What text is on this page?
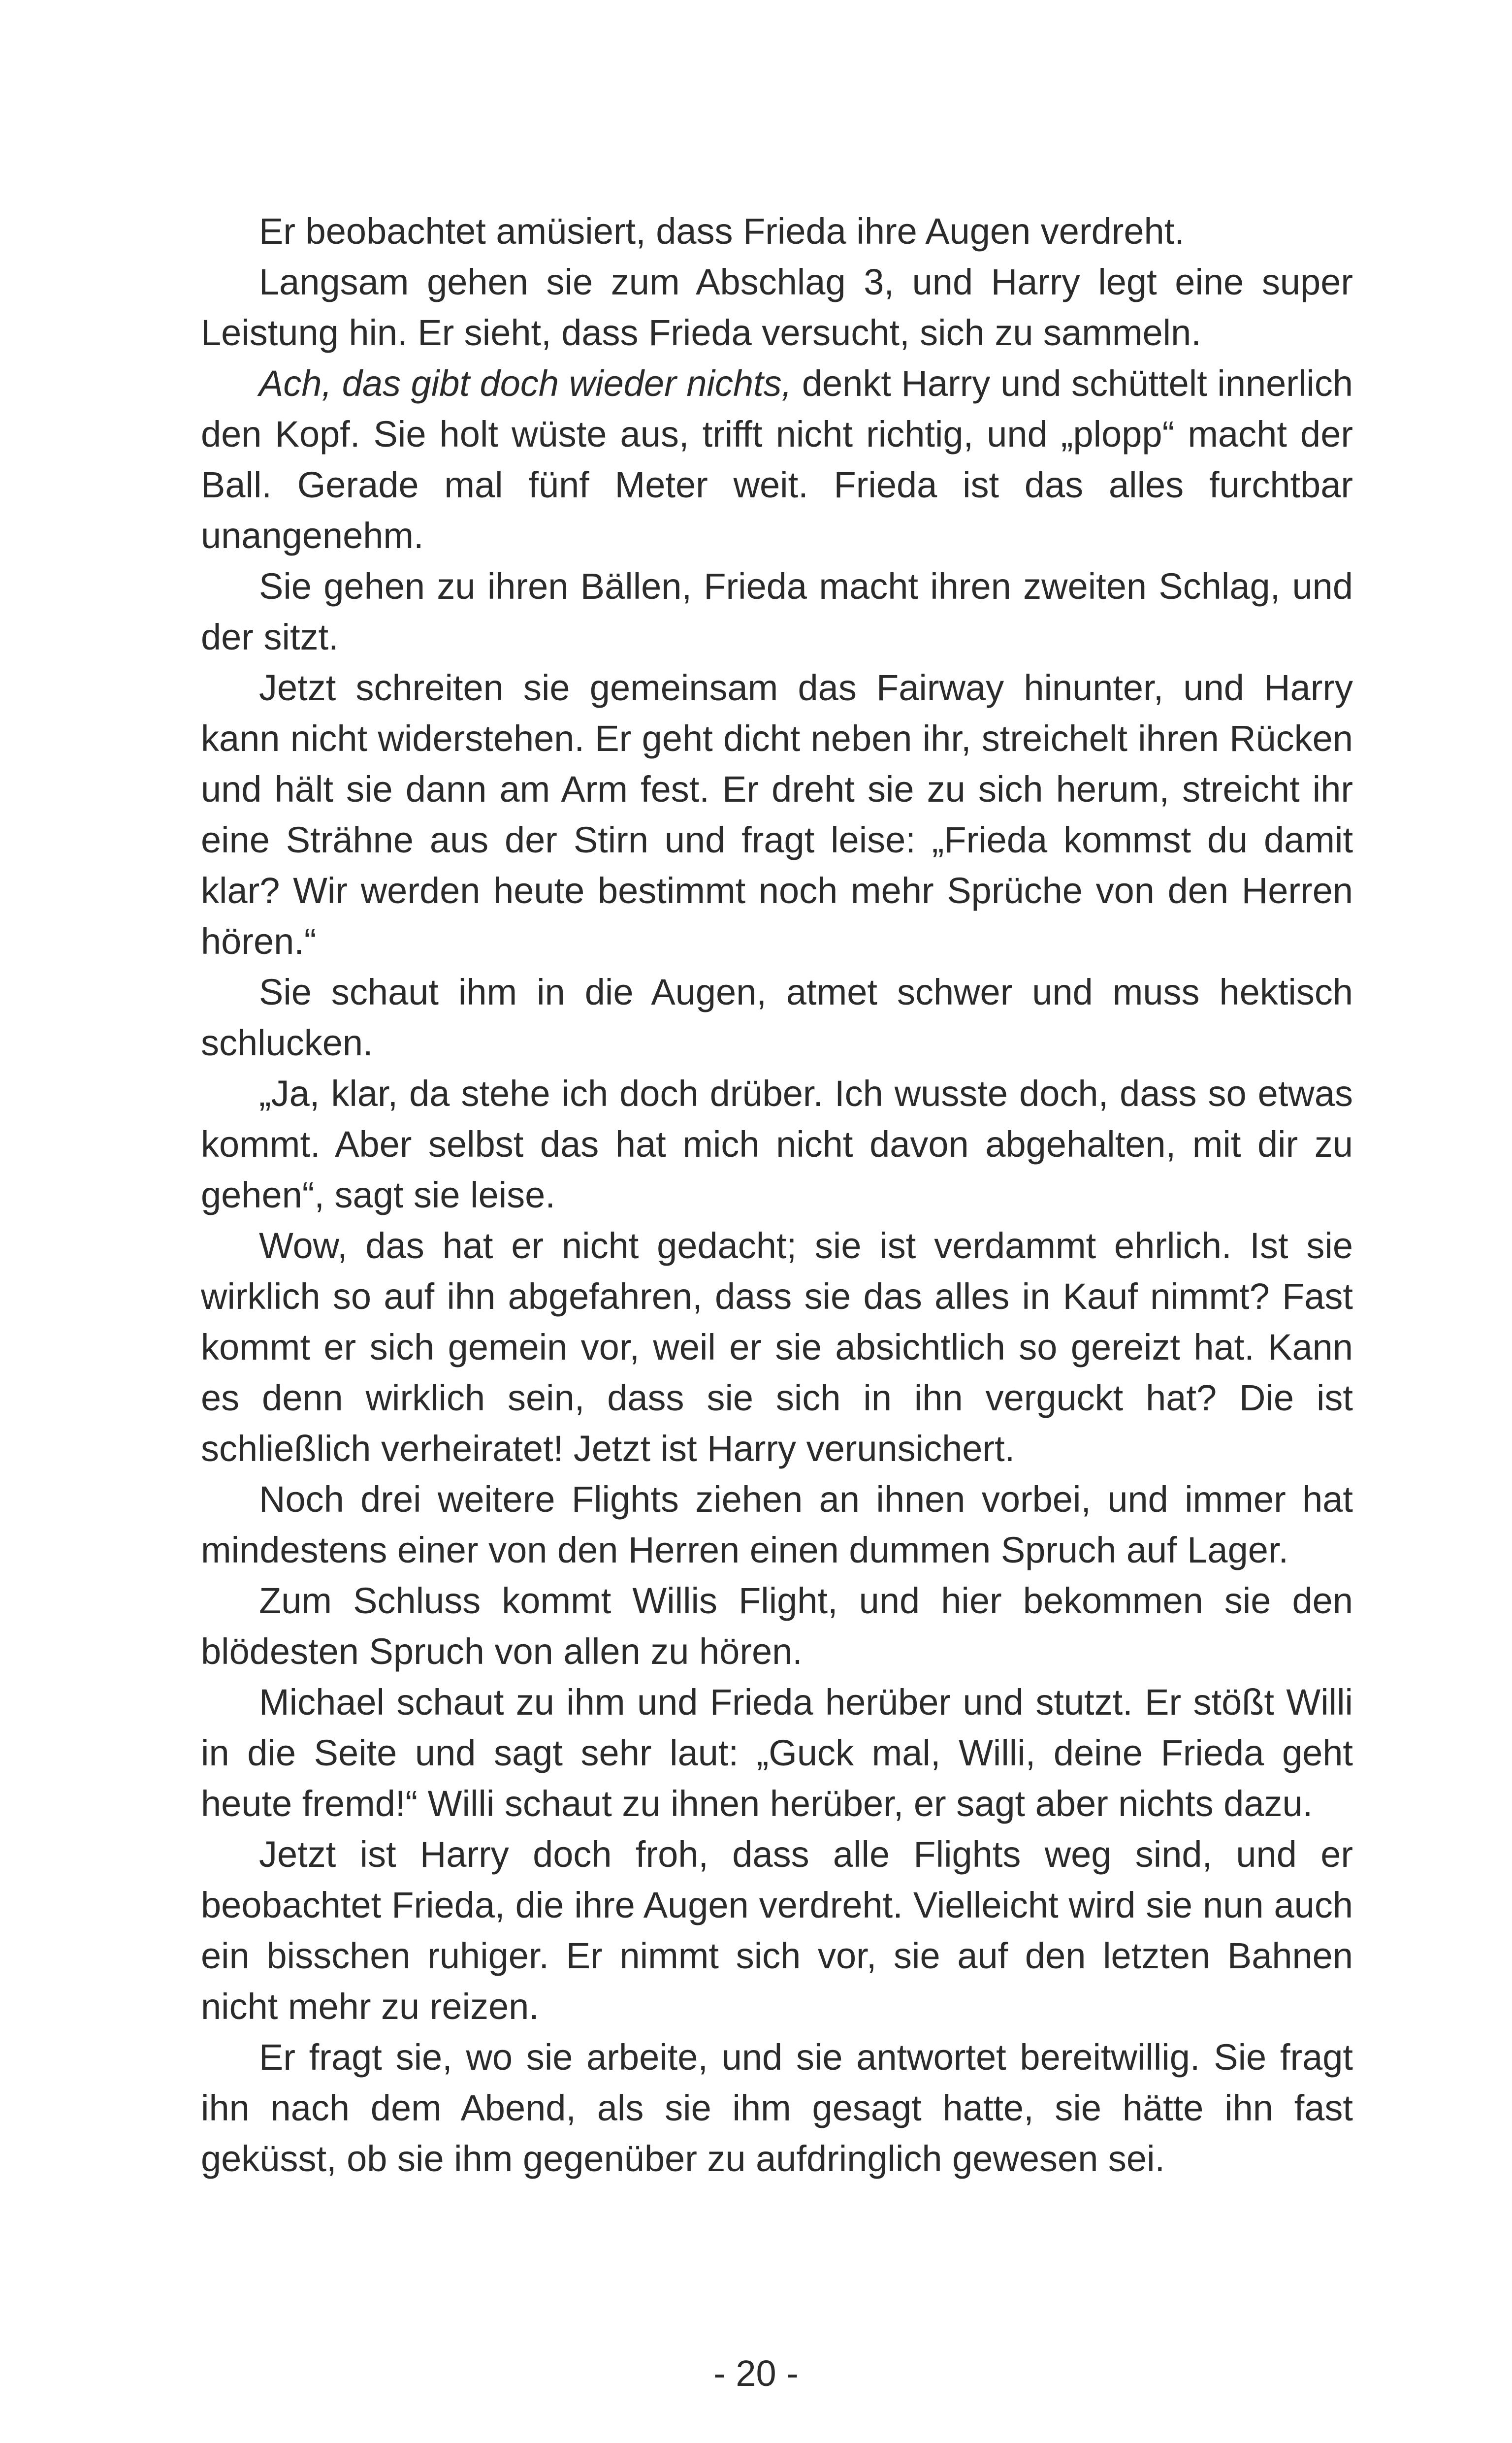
Er beobachtet amüsiert, dass Frieda ihre Augen verdreht.

Langsam gehen sie zum Abschlag 3, und Harry legt eine super Leistung hin. Er sieht, dass Frieda versucht, sich zu sammeln.

Ach, das gibt doch wieder nichts, denkt Harry und schüttelt innerlich den Kopf. Sie holt wüste aus, trifft nicht richtig, und „plopp“ macht der Ball. Gerade mal fünf Meter weit. Frieda ist das alles furchtbar unangenehm.

Sie gehen zu ihren Bällen, Frieda macht ihren zweiten Schlag, und der sitzt.

Jetzt schreiten sie gemeinsam das Fairway hinunter, und Harry kann nicht widerstehen. Er geht dicht neben ihr, streichelt ihren Rücken und hält sie dann am Arm fest. Er dreht sie zu sich herum, streicht ihr eine Strähne aus der Stirn und fragt leise: „Frieda kommst du damit klar? Wir werden heute bestimmt noch mehr Sprüche von den Herren hören.“

Sie schaut ihm in die Augen, atmet schwer und muss hektisch schlucken.

„Ja, klar, da stehe ich doch drüber. Ich wusste doch, dass so etwas kommt. Aber selbst das hat mich nicht davon abgehalten, mit dir zu gehen“, sagt sie leise.

Wow, das hat er nicht gedacht; sie ist verdammt ehrlich. Ist sie wirklich so auf ihn abgefahren, dass sie das alles in Kauf nimmt? Fast kommt er sich gemein vor, weil er sie absichtlich so gereizt hat. Kann es denn wirklich sein, dass sie sich in ihn verguckt hat? Die ist schließlich verheiratet! Jetzt ist Harry verunsichert.

Noch drei weitere Flights ziehen an ihnen vorbei, und immer hat mindestens einer von den Herren einen dummen Spruch auf Lager.

Zum Schluss kommt Willis Flight, und hier bekommen sie den blödesten Spruch von allen zu hören.

Michael schaut zu ihm und Frieda herüber und stutzt. Er stößt Willi in die Seite und sagt sehr laut: „Guck mal, Willi, deine Frieda geht heute fremd!“ Willi schaut zu ihnen herüber, er sagt aber nichts dazu.

Jetzt ist Harry doch froh, dass alle Flights weg sind, und er beobachtet Frieda, die ihre Augen verdreht. Vielleicht wird sie nun auch ein bisschen ruhiger. Er nimmt sich vor, sie auf den letzten Bahnen nicht mehr zu reizen.

Er fragt sie, wo sie arbeite, und sie antwortet bereitwillig. Sie fragt ihn nach dem Abend, als sie ihm gesagt hatte, sie hätte ihn fast geküsst, ob sie ihm gegenüber zu aufdringlich gewesen sei.

- 20 -
